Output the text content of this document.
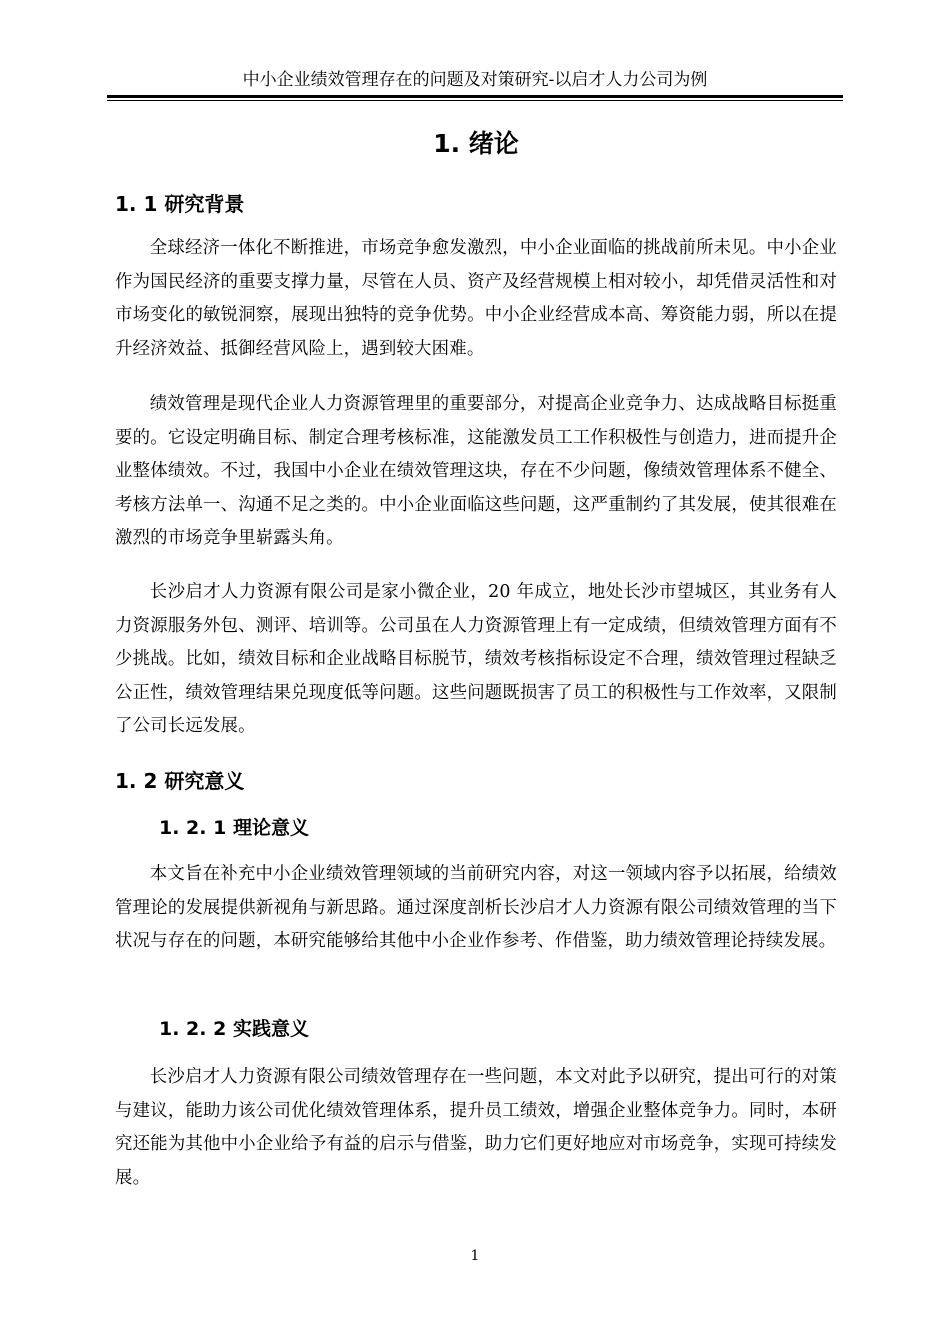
中小企业绩效管理存在的问题及对策研究-以启才人力公司为例
1. 绪论
1. 1 研究背景

全球经济一体化不断推进，市场竞争愈发激烈，中小企业面临的挑战前所未见。中小企业作为国民经济的重要支撑力量，尽管在人员、资产及经营规模上相对较小，却凭借灵活性和对市场变化的敏锐洞察，展现出独特的竞争优势。中小企业经营成本高、筹资能力弱，所以在提升经济效益、抵御经营风险上，遇到较大困难。

绩效管理是现代企业人力资源管理里的重要部分，对提高企业竞争力、达成战略目标挺重要的。它设定明确目标、制定合理考核标准，这能激发员工工作积极性与创造力，进而提升企业整体绩效。不过，我国中小企业在绩效管理这块，存在不少问题，像绩效管理体系不健全、考核方法单一、沟通不足之类的。中小企业面临这些问题，这严重制约了其发展，使其很难在激烈的市场竞争里崭露头角。

长沙启才人力资源有限公司是家小微企业，20 年成立，地处长沙市望城区，其业务有人力资源服务外包、测评、培训等。公司虽在人力资源管理上有一定成绩，但绩效管理方面有不少挑战。比如，绩效目标和企业战略目标脱节，绩效考核指标设定不合理，绩效管理过程缺乏公正性，绩效管理结果兑现度低等问题。这些问题既损害了员工的积极性与工作效率，又限制了公司长远发展。

1. 2 研究意义
1. 2. 1 理论意义

本文旨在补充中小企业绩效管理领域的当前研究内容，对这一领域内容予以拓展，给绩效管理论的发展提供新视角与新思路。通过深度剖析长沙启才人力资源有限公司绩效管理的当下状况与存在的问题，本研究能够给其他中小企业作参考、作借鉴，助力绩效管理论持续发展。

1. 2. 2 实践意义

长沙启才人力资源有限公司绩效管理存在一些问题，本文对此予以研究，提出可行的对策与建议，能助力该公司优化绩效管理体系，提升员工绩效，增强企业整体竞争力。同时，本研究还能为其他中小企业给予有益的启示与借鉴，助力它们更好地应对市场竞争，实现可持续发展。

1
